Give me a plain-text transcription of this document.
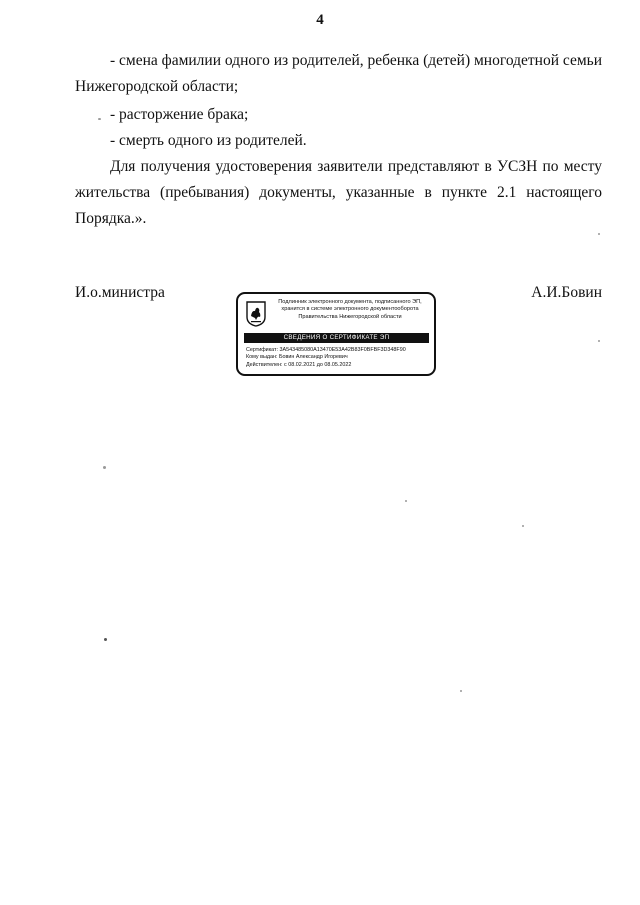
4
- смена фамилии одного из родителей, ребенка (детей) многодетной семьи
Нижегородской области;
- расторжение брака;
- смерть одного из родителей.
Для получения удостоверения заявители представляют в УСЗН по месту
жительства (пребывания) документы, указанные в пункте 2.1 настоящего
Порядка.».
И.о.министра	А.И.Бовин
Подлинник электронного документа, подписанного ЭП,
хранится в системе электронного документооборота
Правительства Нижегородской области
СВЕДЕНИЯ О СЕРТИФИКАТЕ ЭП
Сертификат: 3A543485080A13470E53A42B83F0BFBF3D348F90
Кому выдан: Бовин Александр Игоревич
Действителен: с 08.02.2021 до 08.05.2022
